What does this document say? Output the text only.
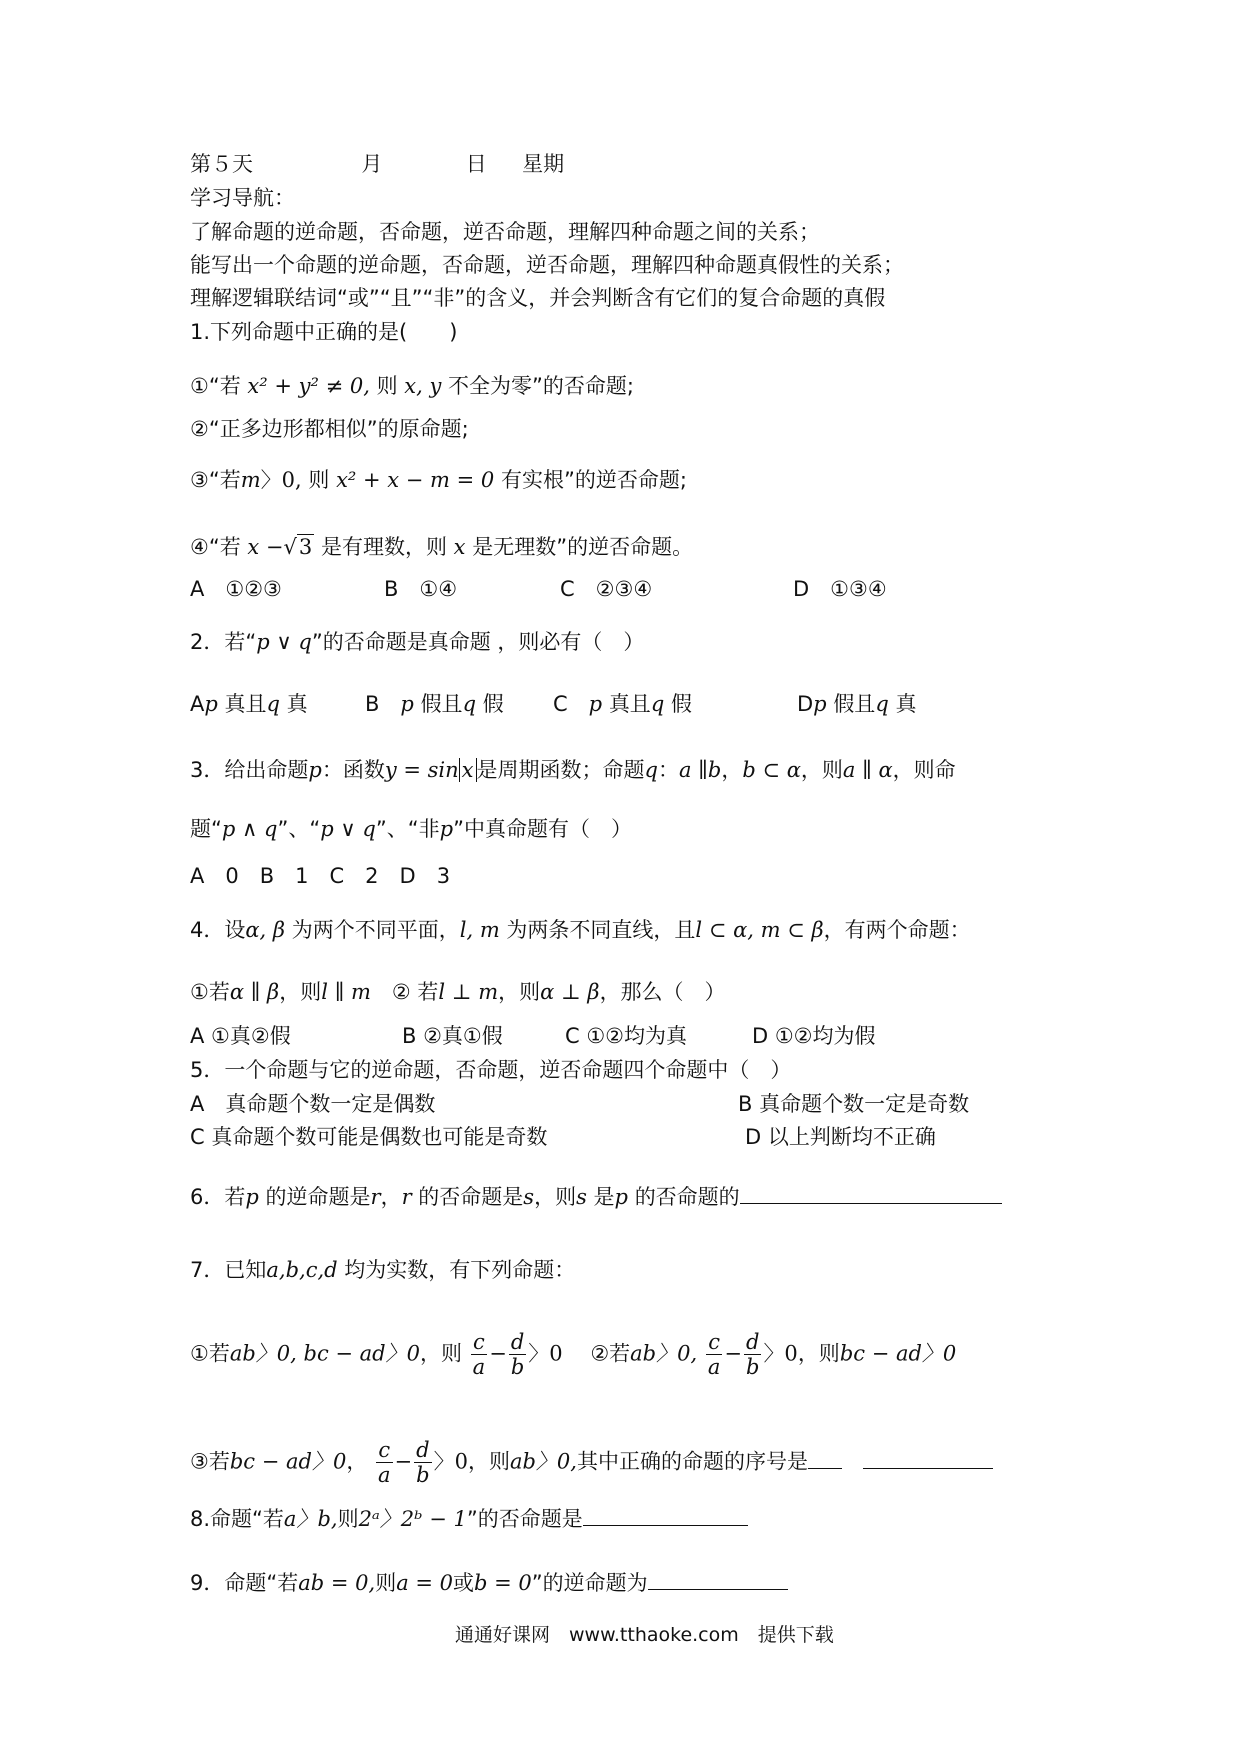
第５天	月	日 星期
学习导航：
了解命题的逆命题，否命题，逆否命题，理解四种命题之间的关系；
能写出一个命题的逆命题，否命题，逆否命题，理解四种命题真假性的关系；
理解逻辑联结词“或”“且”“非”的含义，并会判断含有它们的复合命题的真假
1.下列命题中正确的是(　　)
①“若 x² + y² ≠ 0, 则 x, y 不全为零”的否命题;
②“正多边形都相似”的原命题;
③“若m〉0, 则 x² + x − m = 0 有实根”的逆否命题;
④“若 x −√3 是有理数，则 x 是无理数”的逆否命题。
A　①②③	B　①④	C　②③④	D　①③④
2．若“p ∨ q”的否命题是真命题 ，则必有（　）
Ap 真且q 真	B　 p 假且q 假 C　 p 真且q 假	Dp 假且q 真
3．给出命题p：函数y = sin x 是周期函数；命题q：a ∥b，b ⊂ α，则a ∥ α，则命
题“p ∧ q”、“p ∨ q”、“非p”中真命题有（　）
A　0　B　1　C　2　D　3
4．设α, β 为两个不同平面，l, m 为两条不同直线，且l ⊂ α, m ⊂ β，有两个命题：
①若α ∥ β，则l ∥ m　 ② 若l ⊥ m，则α ⊥ β，那么（　）
A ①真②假	B ②真①假	C ①②均为真	D ①②均为假
5．一个命题与它的逆命题，否命题，逆否命题四个命题中（　）
A　真命题个数一定是偶数	B 真命题个数一定是奇数
C 真命题个数可能是偶数也可能是奇数	D 以上判断均不正确
6．若p 的逆命题是r，r 的否命题是s，则s 是p 的否命题的
7．已知a,b,c,d 均为实数，有下列命题：
①若ab〉0, bc − ad〉0，则 $\frac{c}{a} - \frac{d}{b}$ 〉0 　 ②若ab〉0, $\frac{c}{a} - \frac{d}{b}$ 〉0，则bc − ad〉0
③若bc − ad〉0， $\frac{c}{a} - \frac{d}{b}$ 〉0，则ab〉0,其中正确的命题的序号是　
8.命题“若a〉b,则2ᵃ〉2ᵇ − 1”的否命题是
9．命题“若ab = 0,则a = 0或b = 0”的逆命题为
通通好课网　www.tthaoke.com　提供下载
